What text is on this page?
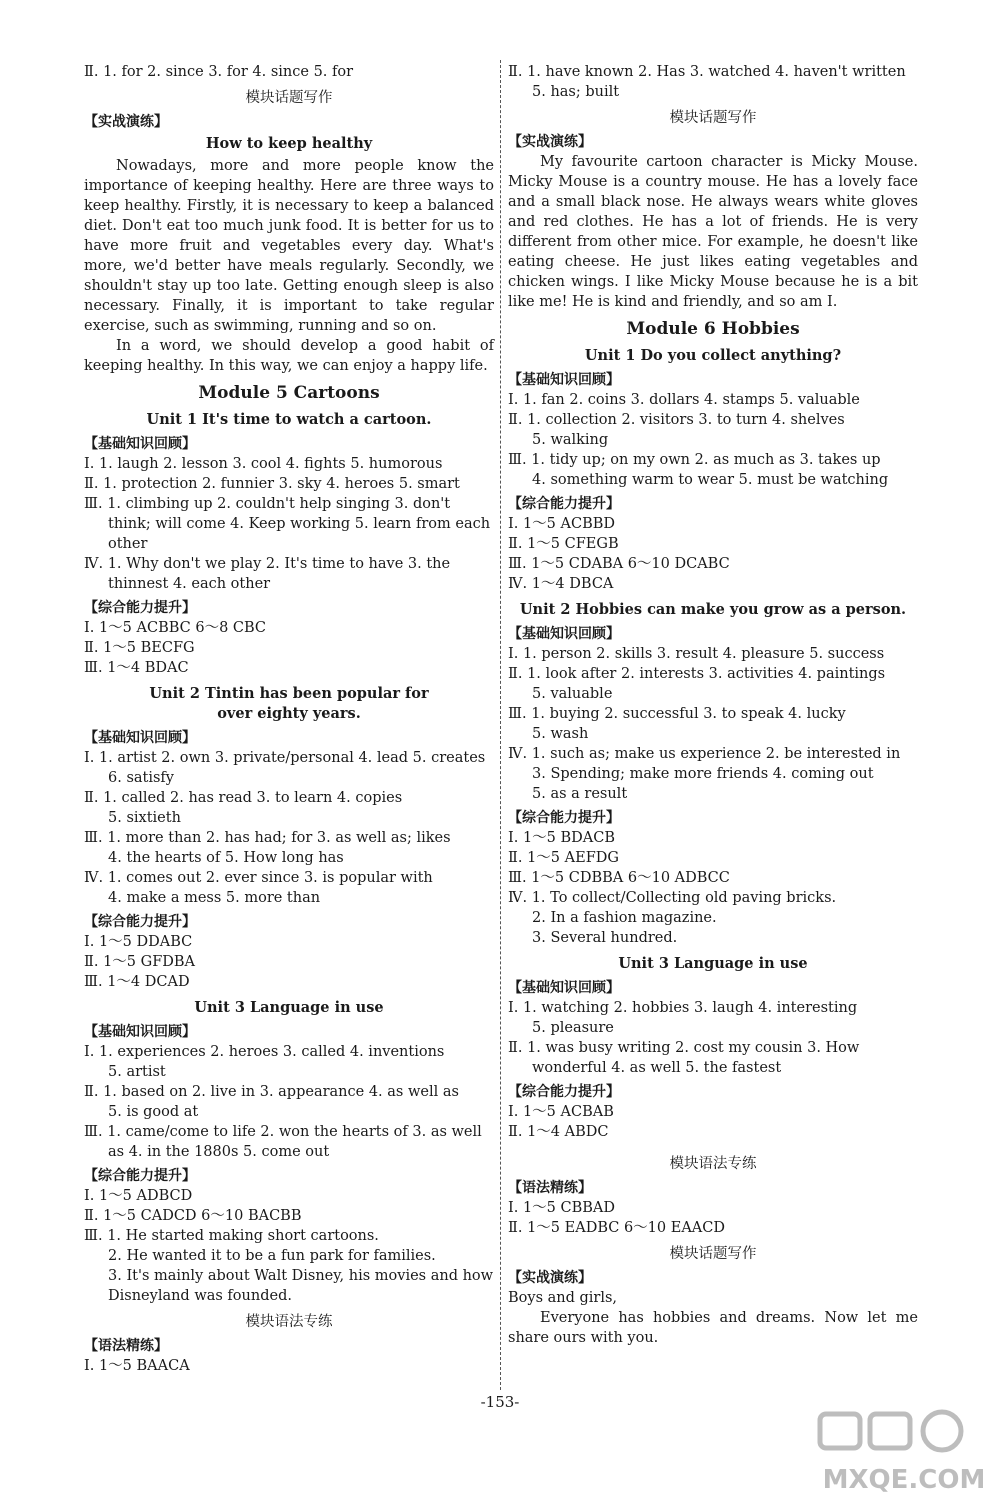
Ⅱ. 1. for 2. since 3. for 4. since 5. for
模块话题写作
【实战演练】
How to keep healthy

Nowadays, more and more people know the importance of keeping healthy. Here are three ways to keep healthy. Firstly, it is necessary to keep a balanced diet. Don't eat too much junk food. It is better for us to have more fruit and vegetables every day. What's more, we'd better have meals regularly. Secondly, we shouldn't stay up too late. Getting enough sleep is also necessary. Finally, it is important to take regular exercise, such as swimming, running and so on.

In a word, we should develop a good habit of keeping healthy. In this way, we can enjoy a happy life.

Module 5 Cartoons
Unit 1 It's time to watch a cartoon.
【基础知识回顾】
Ⅰ. 1. laugh 2. lesson 3. cool 4. fights 5. humorous
Ⅱ. 1. protection 2. funnier 3. sky 4. heroes 5. smart
Ⅲ. 1. climbing up 2. couldn't help singing 3. don't
think; will come 4. Keep working 5. learn from each
other
Ⅳ. 1. Why don't we play 2. It's time to have 3. the
thinnest 4. each other
【综合能力提升】
Ⅰ. 1～5 ACBBC 6～8 CBC
Ⅱ. 1～5 BECFG
Ⅲ. 1～4 BDAC
Unit 2 Tintin has been popular for
over eighty years.
【基础知识回顾】
Ⅰ. 1. artist 2. own 3. private/personal 4. lead 5. creates
6. satisfy
Ⅱ. 1. called 2. has read 3. to learn 4. copies
5. sixtieth
Ⅲ. 1. more than 2. has had; for 3. as well as; likes
4. the hearts of 5. How long has
Ⅳ. 1. comes out 2. ever since 3. is popular with
4. make a mess 5. more than
【综合能力提升】
Ⅰ. 1～5 DDABC
Ⅱ. 1～5 GFDBA
Ⅲ. 1～4 DCAD
Unit 3 Language in use
【基础知识回顾】
Ⅰ. 1. experiences 2. heroes 3. called 4. inventions
5. artist
Ⅱ. 1. based on 2. live in 3. appearance 4. as well as
5. is good at
Ⅲ. 1. came/come to life 2. won the hearts of 3. as well
as 4. in the 1880s 5. come out
【综合能力提升】
Ⅰ. 1～5 ADBCD
Ⅱ. 1～5 CADCD 6～10 BACBB
Ⅲ. 1. He started making short cartoons.
2. He wanted it to be a fun park for families.
3. It's mainly about Walt Disney, his movies and how
Disneyland was founded.
模块语法专练
【语法精练】
Ⅰ. 1～5 BAACA
Ⅱ. 1. have known 2. Has 3. watched 4. haven't written
5. has; built
模块话题写作
【实战演练】

My favourite cartoon character is Micky Mouse. Micky Mouse is a country mouse. He has a lovely face and a small black nose. He always wears white gloves and red clothes. He has a lot of friends. He is very different from other mice. For example, he doesn't like eating cheese. He just likes eating vegetables and chicken wings. I like Micky Mouse because he is a bit like me! He is kind and friendly, and so am I.

Module 6 Hobbies
Unit 1 Do you collect anything?
【基础知识回顾】
Ⅰ. 1. fan 2. coins 3. dollars 4. stamps 5. valuable
Ⅱ. 1. collection 2. visitors 3. to turn 4. shelves
5. walking
Ⅲ. 1. tidy up; on my own 2. as much as 3. takes up
4. something warm to wear 5. must be watching
【综合能力提升】
Ⅰ. 1～5 ACBBD
Ⅱ. 1～5 CFEGB
Ⅲ. 1～5 CDABA 6～10 DCABC
Ⅳ. 1～4 DBCA
Unit 2 Hobbies can make you grow as a person.
【基础知识回顾】
Ⅰ. 1. person 2. skills 3. result 4. pleasure 5. success
Ⅱ. 1. look after 2. interests 3. activities 4. paintings
5. valuable
Ⅲ. 1. buying 2. successful 3. to speak 4. lucky
5. wash
Ⅳ. 1. such as; make us experience 2. be interested in
3. Spending; make more friends 4. coming out
5. as a result
【综合能力提升】
Ⅰ. 1～5 BDACB
Ⅱ. 1～5 AEFDG
Ⅲ. 1～5 CDBBA 6～10 ADBCC
Ⅳ. 1. To collect/Collecting old paving bricks.
2. In a fashion magazine.
3. Several hundred.
Unit 3 Language in use
【基础知识回顾】
Ⅰ. 1. watching 2. hobbies 3. laugh 4. interesting
5. pleasure
Ⅱ. 1. was busy writing 2. cost my cousin 3. How
wonderful 4. as well 5. the fastest
【综合能力提升】
Ⅰ. 1～5 ACBAB
Ⅱ. 1～4 ABDC
模块语法专练
【语法精练】
Ⅰ. 1～5 CBBAD
Ⅱ. 1～5 EADBC 6～10 EAACD
模块话题写作
【实战演练】
Boys and girls,

Everyone has hobbies and dreams. Now let me share ours with you.

-153-
MXQE.COM
